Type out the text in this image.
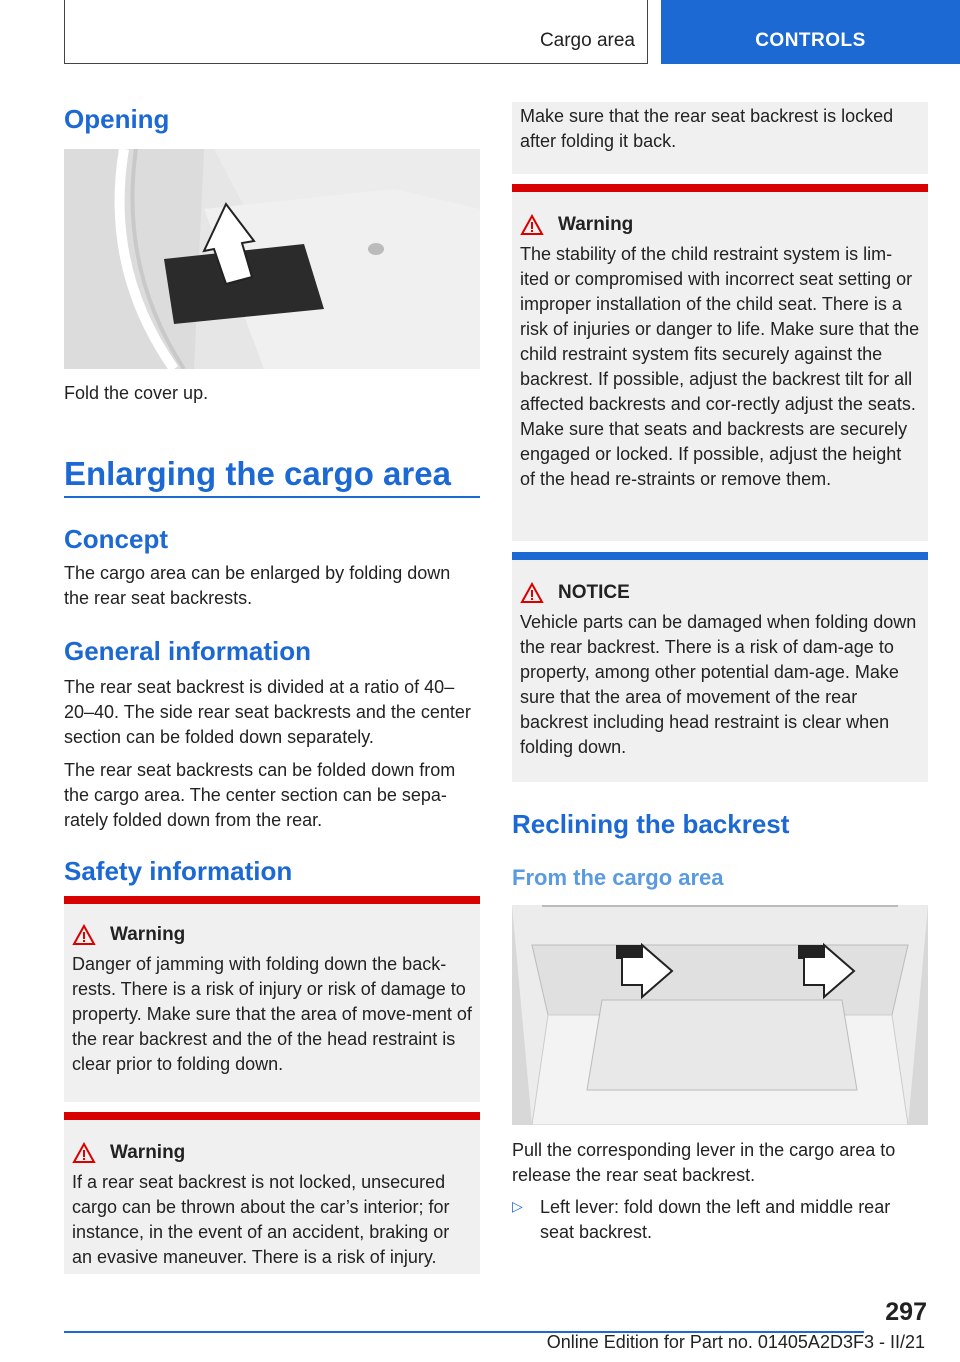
Cargo area	CONTROLS
Opening

Fold the cover up.

Enlarging the cargo area
Concept

The cargo area can be enlarged by folding down the rear seat backrests.

General information

The rear seat backrest is divided at a ratio of 40–20–40. The side rear seat backrests and the center section can be folded down separately.

The rear seat backrests can be folded down from the cargo area. The center section can be sepa‐rately folded down from the rear.

Safety information
Warning

Danger of jamming with folding down the back‐rests. There is a risk of injury or risk of damage to property. Make sure that the area of move‐ment of the rear backrest and the of the head restraint is clear prior to folding down.

Warning

If a rear seat backrest is not locked, unsecured cargo can be thrown about the car’s interior; for instance, in the event of an accident, braking or an evasive maneuver. There is a risk of injury.

Make sure that the rear seat backrest is locked after folding it back.

Warning

The stability of the child restraint system is lim‐ited or compromised with incorrect seat setting or improper installation of the child seat. There is a risk of injuries or danger to life. Make sure that the child restraint system fits securely against the backrest. If possible, adjust the backrest tilt for all affected backrests and cor‐rectly adjust the seats. Make sure that seats and backrests are securely engaged or locked. If possible, adjust the height of the head re‐straints or remove them.

NOTICE

Vehicle parts can be damaged when folding down the rear backrest. There is a risk of dam‐age to property, among other potential dam‐age. Make sure that the area of movement of the rear backrest including head restraint is clear when folding down.

Reclining the backrest
From the cargo area

Pull the corresponding lever in the cargo area to release the rear seat backrest.

▷ Left lever: fold down the left and middle rear seat backrest.

297
Online Edition for Part no. 01405A2D3F3 - II/21
